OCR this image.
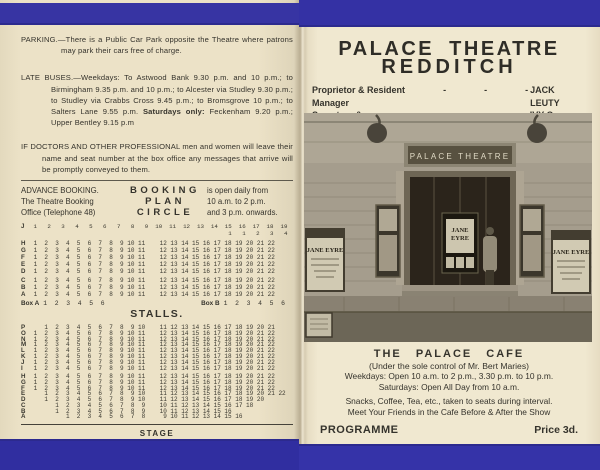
PARKING.—There is a Public Car Park opposite the Theatre where patrons may park their cars free of charge.

LATE BUSES.—Weekdays: To Astwood Bank 9.30 p.m. and 10 p.m.; to Birmingham 9.35 p.m. and 10 p.m.; to Alcester via Studley 9.30 p.m.; to Studley via Crabbs Cross 9.45 p.m.; to Bromsgrove 10 p.m.; to Salters Lane 9.55 p.m. Saturdays only: Feckenham 9.20 p.m.; Upper Bentley 9.15 p.m

IF DOCTORS AND OTHER PROFESSIONAL men and women will leave their name and seat number at the box office any messages that arrive will be promptly conveyed to them.

ADVANCE BOOKING.
The Theatre Booking
Office (Telephone 48)
BOOKING
PLAN
CIRCLE
is open daily from
10 a.m. to 2 p.m.
and 3 p.m. onwards.
J 1   2   3   4   5   6   7   8   9  10  11  12  13  14  15  16  17  18  19
1   1   2   3   4
H 1  2  3  4  5  6  7  8  9 10 11    12 13 14 15 16 17 18 19 20 21 22
G 1  2  3  4  5  6  7  8  9 10 11    12 13 14 15 16 17 18 19 20 21 22
F 1  2  3  4  5  6  7  8  9 10 11    12 13 14 15 16 17 18 19 20 21 22
E 1  2  3  4  5  6  7  8  9 10 11    12 13 14 15 16 17 18 19 20 21 22
D 1  2  3  4  5  6  7  8  9 10 11    12 13 14 15 16 17 18 19 20 21 22
C 1  2  3  4  5  6  7  8  9 10 11    12 13 14 15 16 17 18 19 20 21 22
B 1  2  3  4  5  6  7  8  9 10 11    12 13 14 15 16 17 18 19 20 21 22
A 1  2  3  4  5  6  7  8  9 10 11    12 13 14 15 16 17 18 19 20 21 22
Box A 1  2  3  4  5  6	Box B 1  2  3  4  5  6
STALLS.
P 1  2  3  4  5  6  7  8  9 10    11 12 13 14 15 16 17 18 19 20 21
O 1  2  3  4  5  6  7  8  9 10 11    12 13 14 15 16 17 18 19 20 21 22
N 1  2  3  4  5  6  7  8  9 10 11    12 13 14 15 16 17 18 19 20 21 22
M 1  2  3  4  5  6  7  8  9 10 11    12 13 14 15 16 17 18 19 20 21 22
L 1  2  3  4  5  6  7  8  9 10 11    12 13 14 15 16 17 18 19 20 21 22
K 1  2  3  4  5  6  7  8  9 10 11    12 13 14 15 16 17 18 19 20 21 22
J 1  2  3  4  5  6  7  8  9 10 11    12 13 14 15 16 17 18 19 20 21 22
I	1  2  3  4  5  6  7  8  9 10 11    12 13 14 15 16 17 18 19 20 21 22
H 1  2  3  4  5  6  7  8  9 10 11    12 13 14 15 16 17 18 19 20 21 22
G 1  2  3  4  5  6  7  8  9 10 11    12 13 14 15 16 17 18 19 20 21 22
F 1  2  3  4  5  6  7  8  9 10 11    12 13 14 15 16 17 18 19 20 21 22
E 1  2  3  4  5  6  7  8  9 10    11 12 13 14 15 16 17 18 19 20 21 22
D 1  2  3  4  5  6  7  8  9 10    11 12 13 14 15 16 17 18 19 20
C 1  2  3  4  5  6  7  8  9    10 11 12 13 14 15 16 17 18
B 1  2  3  4  5  6  7  8  9    10 11 12 13 14 15 16
A 1  2  3  4  5  6  7  8     9 10 11 12 13 14 15 16
STAGE
PALACE THEATRE
REDDITCH
Proprietor & Resident Manager
-        -        - JACK LEUTY
THE PALACE CAFE
(Under the sole control of Mr. Bert Maries)

Weekdays: Open 10 a.m. to 2 p.m., 3.30 p.m. to 10 p.m.

Saturdays: Open All Day from 10 a.m.

Snacks, Coffee, Tea, etc., taken to seats during interval.

Meet Your Friends in the Cafe Before & After the Show

PROGRAMME	Price 3d.
